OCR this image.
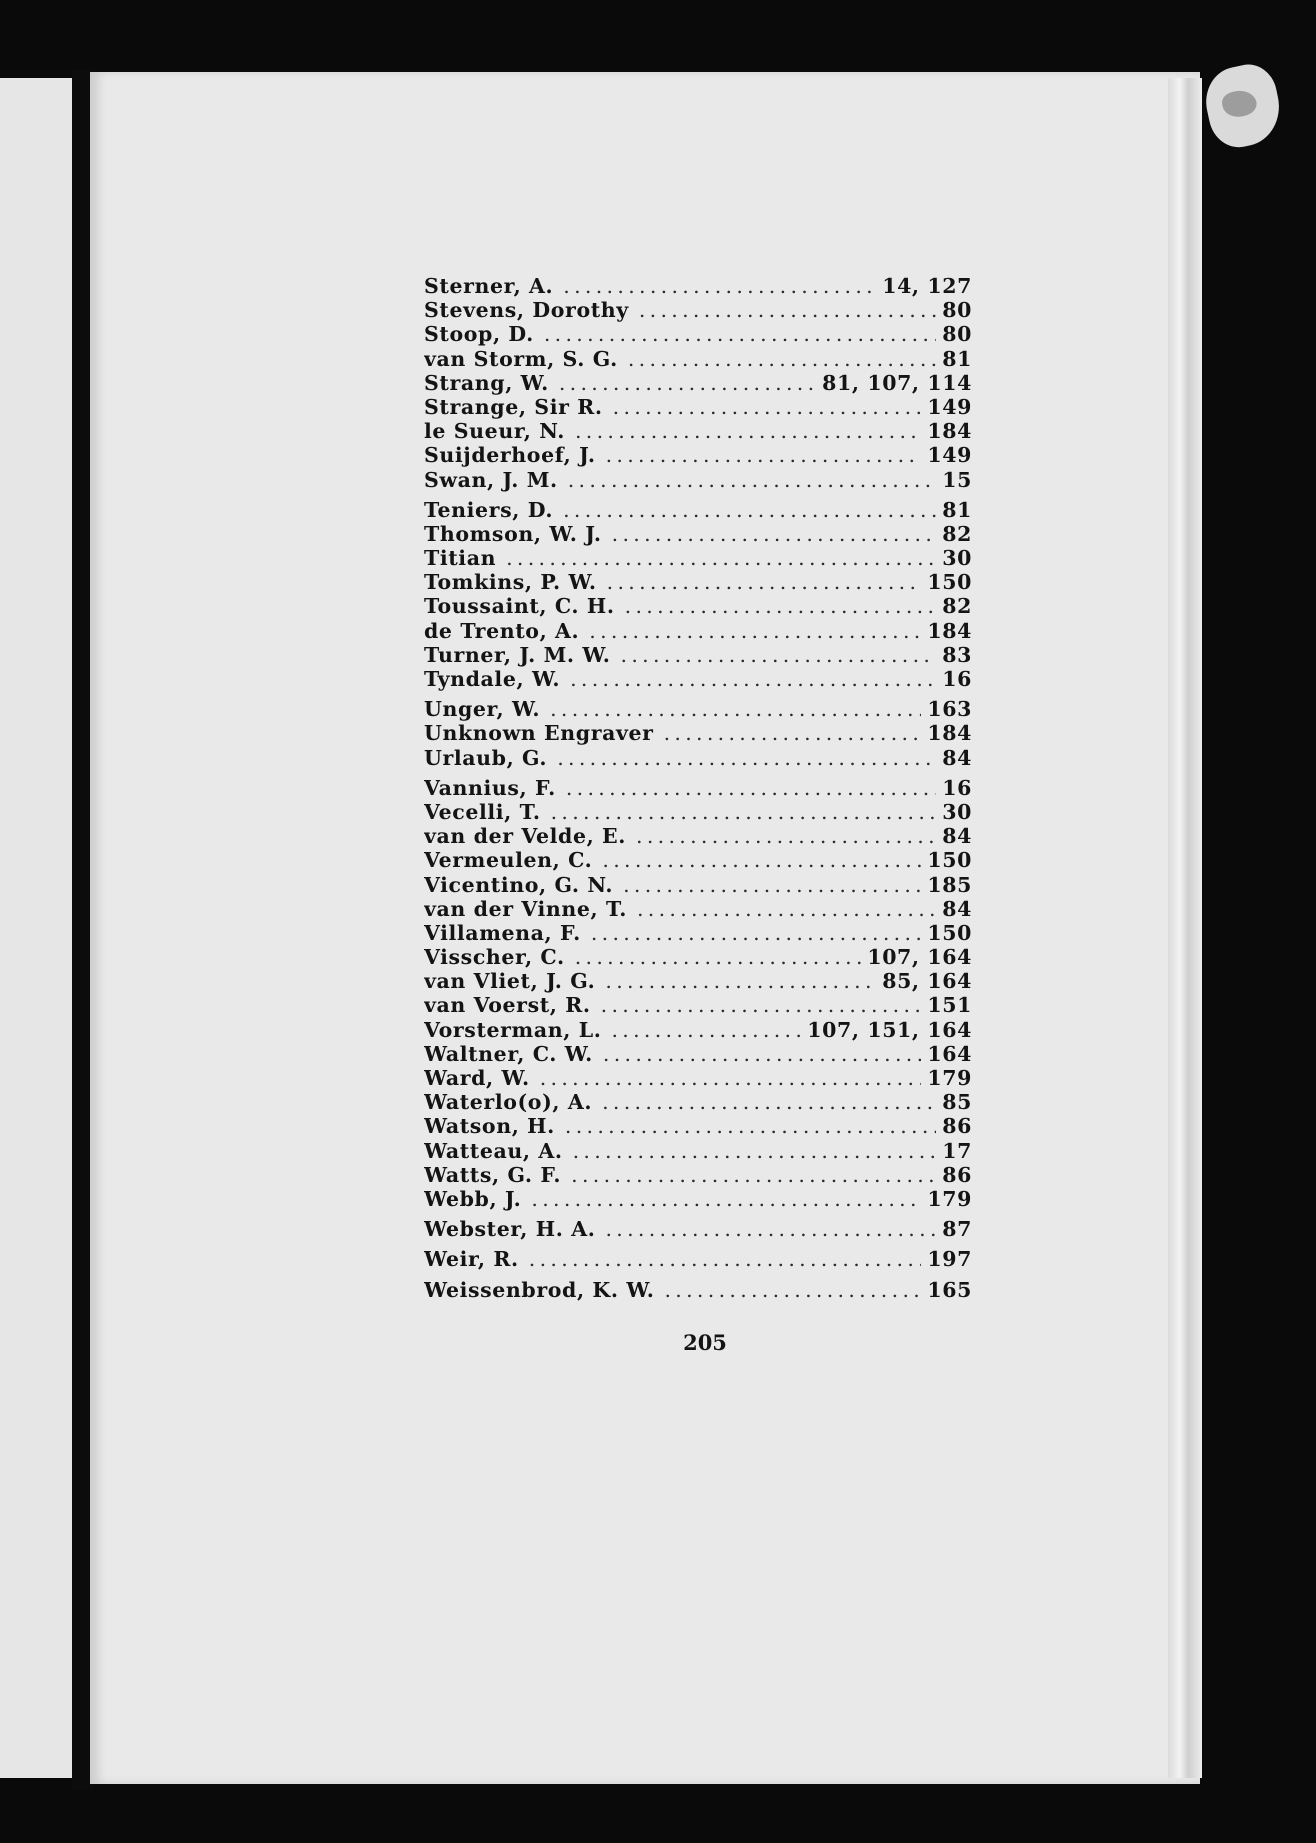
Sterner, A. .....	14, 127
Stevens, Dorothy .....	80
Stoop, D. .....	80
van Storm, S. G. .....	81
Strang, W. .....	81, 107, 114
Strange, Sir R. .....	149
le Sueur, N. .....	184
Suijderhoef, J. .....	149
Swan, J. M. .....	15
Teniers, D. .....	81
Thomson, W. J. .....	82
Titian .....	30
Tomkins, P. W. .....	150
Toussaint, C. H. .....	82
de Trento, A. .....	184
Turner, J. M. W. .....	83
Tyndale, W. .....	16
Unger, W. .....	163
Unknown Engraver .....	184
Urlaub, G. .....	84
Vannius, F. .....	16
Vecelli, T. .....	30
van der Velde, E. .....	84
Vermeulen, C. .....	150
Vicentino, G. N. .....	185
van der Vinne, T. .....	84
Villamena, F. .....	150
Visscher, C. .....	107, 164
van Vliet, J. G. .....	85, 164
van Voerst, R. .....	151
Vorsterman, L. .....	107, 151, 164
Waltner, C. W. .....	164
Ward, W. .....	179
Waterlo(o), A. .....	85
Watson, H. .....	86
Watteau, A. .....	17
Watts, G. F. .....	86
Webb, J. .....	179
Webster, H. A. .....	87
Weir, R. .....	197
Weissenbrod, K. W. .....	165
205
